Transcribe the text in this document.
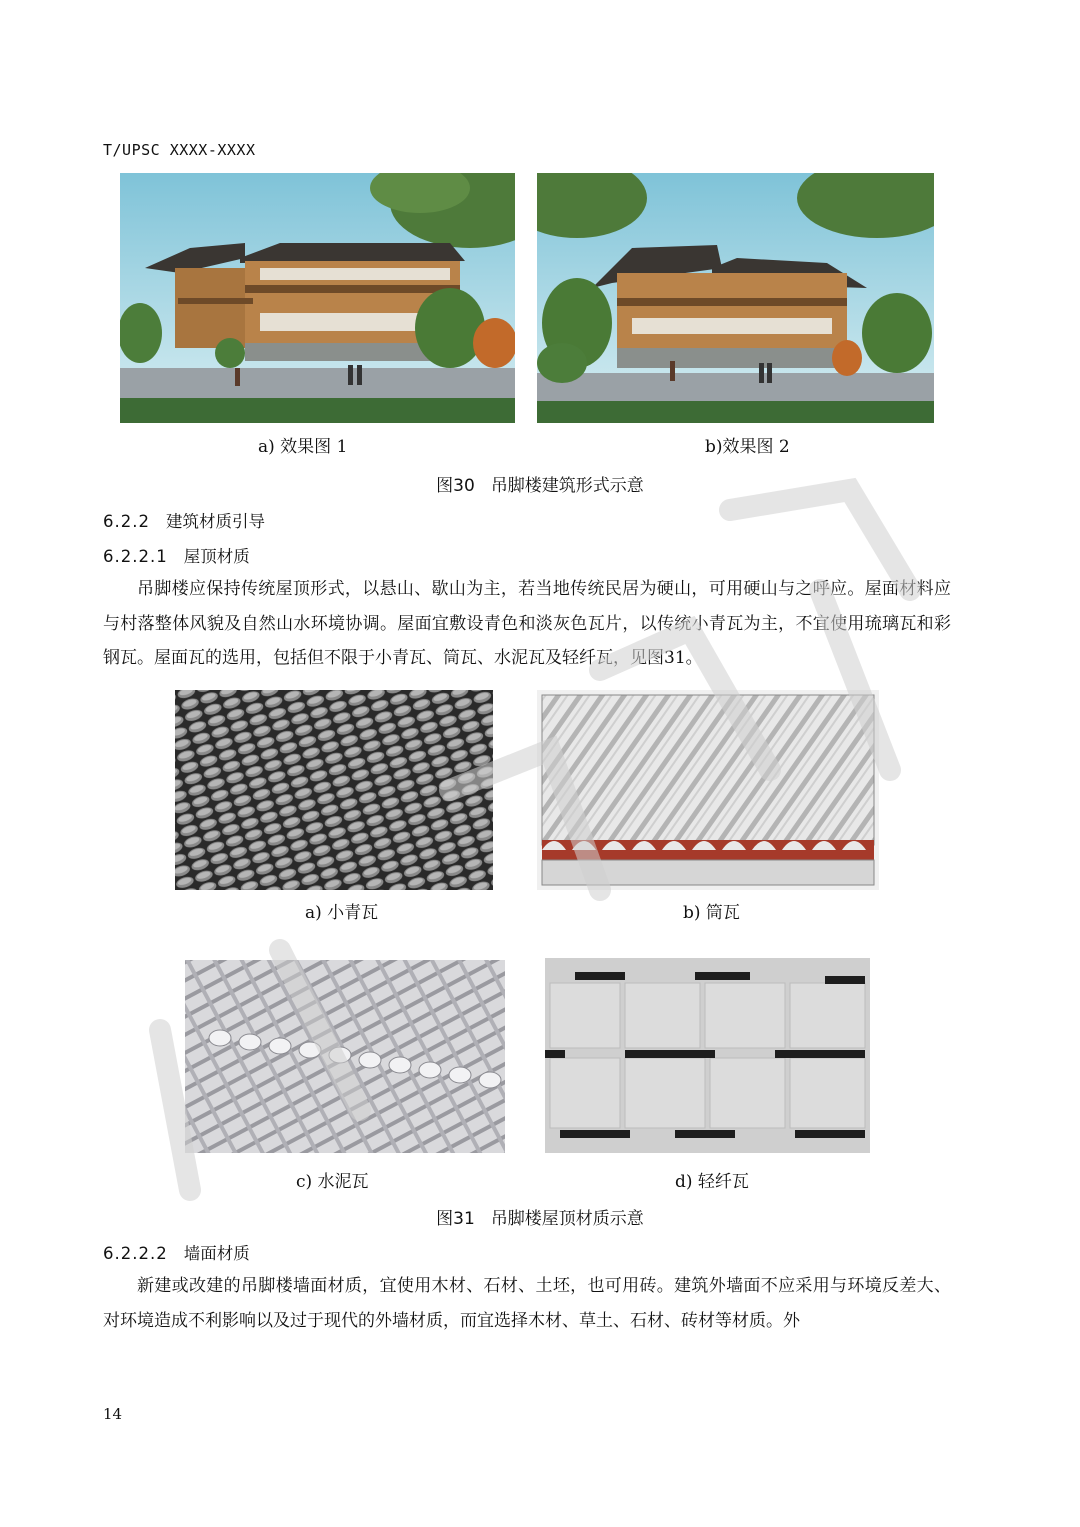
T/UPSC XXXX-XXXX
a) 效果图 1	b)效果图 2
图30 吊脚楼建筑形式示意
6.2.2 建筑材质引导
6.2.2.1 屋顶材质
吊脚楼应保持传统屋顶形式，以悬山、歇山为主，若当地传统民居为硬山，可用硬山与之呼应。屋面材料应与村落整体风貌及自然山水环境协调。屋面宜敷设青色和淡灰色瓦片，以传统小青瓦为主，不宜使用琉璃瓦和彩钢瓦。屋面瓦的选用，包括但不限于小青瓦、筒瓦、水泥瓦及轻纤瓦，见图31。
a) 小青瓦	b) 筒瓦
c) 水泥瓦	d) 轻纤瓦
图31 吊脚楼屋顶材质示意
6.2.2.2 墙面材质
新建或改建的吊脚楼墙面材质，宜使用木材、石材、土坯，也可用砖。建筑外墙面不应采用与环境反差大、对环境造成不利影响以及过于现代的外墙材质，而宜选择木材、草土、石材、砖材等材质。外
14
